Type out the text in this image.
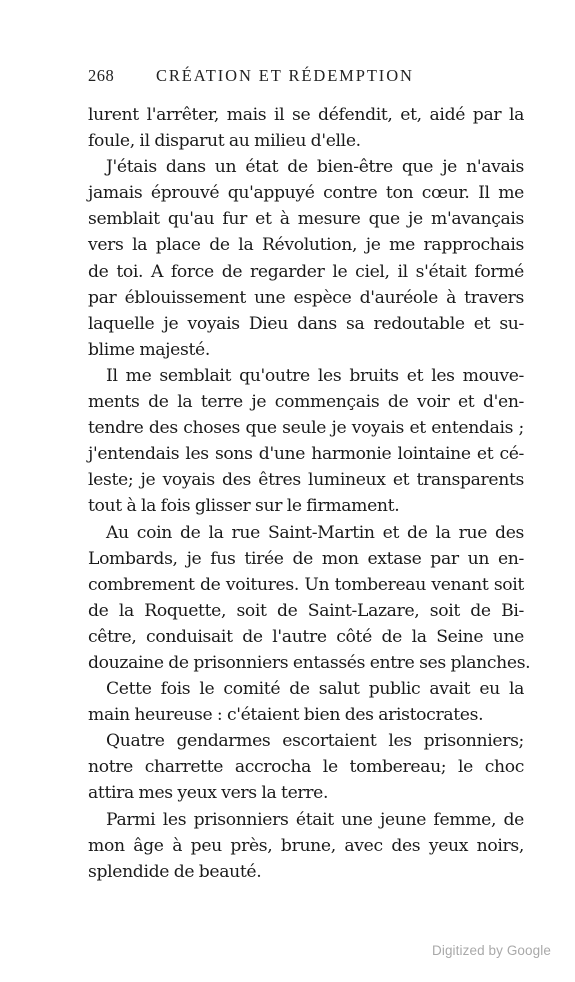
268	CRÉATION ET RÉDEMPTION
lurent l'arrêter, mais il se défendit, et, aidé par la
foule, il disparut au milieu d'elle.
J'étais dans un état de bien-être que je n'avais
jamais éprouvé qu'appuyé contre ton cœur. Il me
semblait qu'au fur et à mesure que je m'avançais
vers la place de la Révolution, je me rapprochais
de toi. A force de regarder le ciel, il s'était formé
par éblouissement une espèce d'auréole à travers
laquelle je voyais Dieu dans sa redoutable et su-
blime majesté.
Il me semblait qu'outre les bruits et les mouve-
ments de la terre je commençais de voir et d'en-
tendre des choses que seule je voyais et entendais ;
j'entendais les sons d'une harmonie lointaine et cé-
leste; je voyais des êtres lumineux et transparents
tout à la fois glisser sur le firmament.
Au coin de la rue Saint-Martin et de la rue des
Lombards, je fus tirée de mon extase par un en-
combrement de voitures. Un tombereau venant soit
de la Roquette, soit de Saint-Lazare, soit de Bi-
cêtre, conduisait de l'autre côté de la Seine une
douzaine de prisonniers entassés entre ses planches.
Cette fois le comité de salut public avait eu la
main heureuse : c'étaient bien des aristocrates.
Quatre gendarmes escortaient les prisonniers;
notre charrette accrocha le tombereau; le choc
attira mes yeux vers la terre.
Parmi les prisonniers était une jeune femme, de
mon âge à peu près, brune, avec des yeux noirs,
splendide de beauté.
Digitized by Google
